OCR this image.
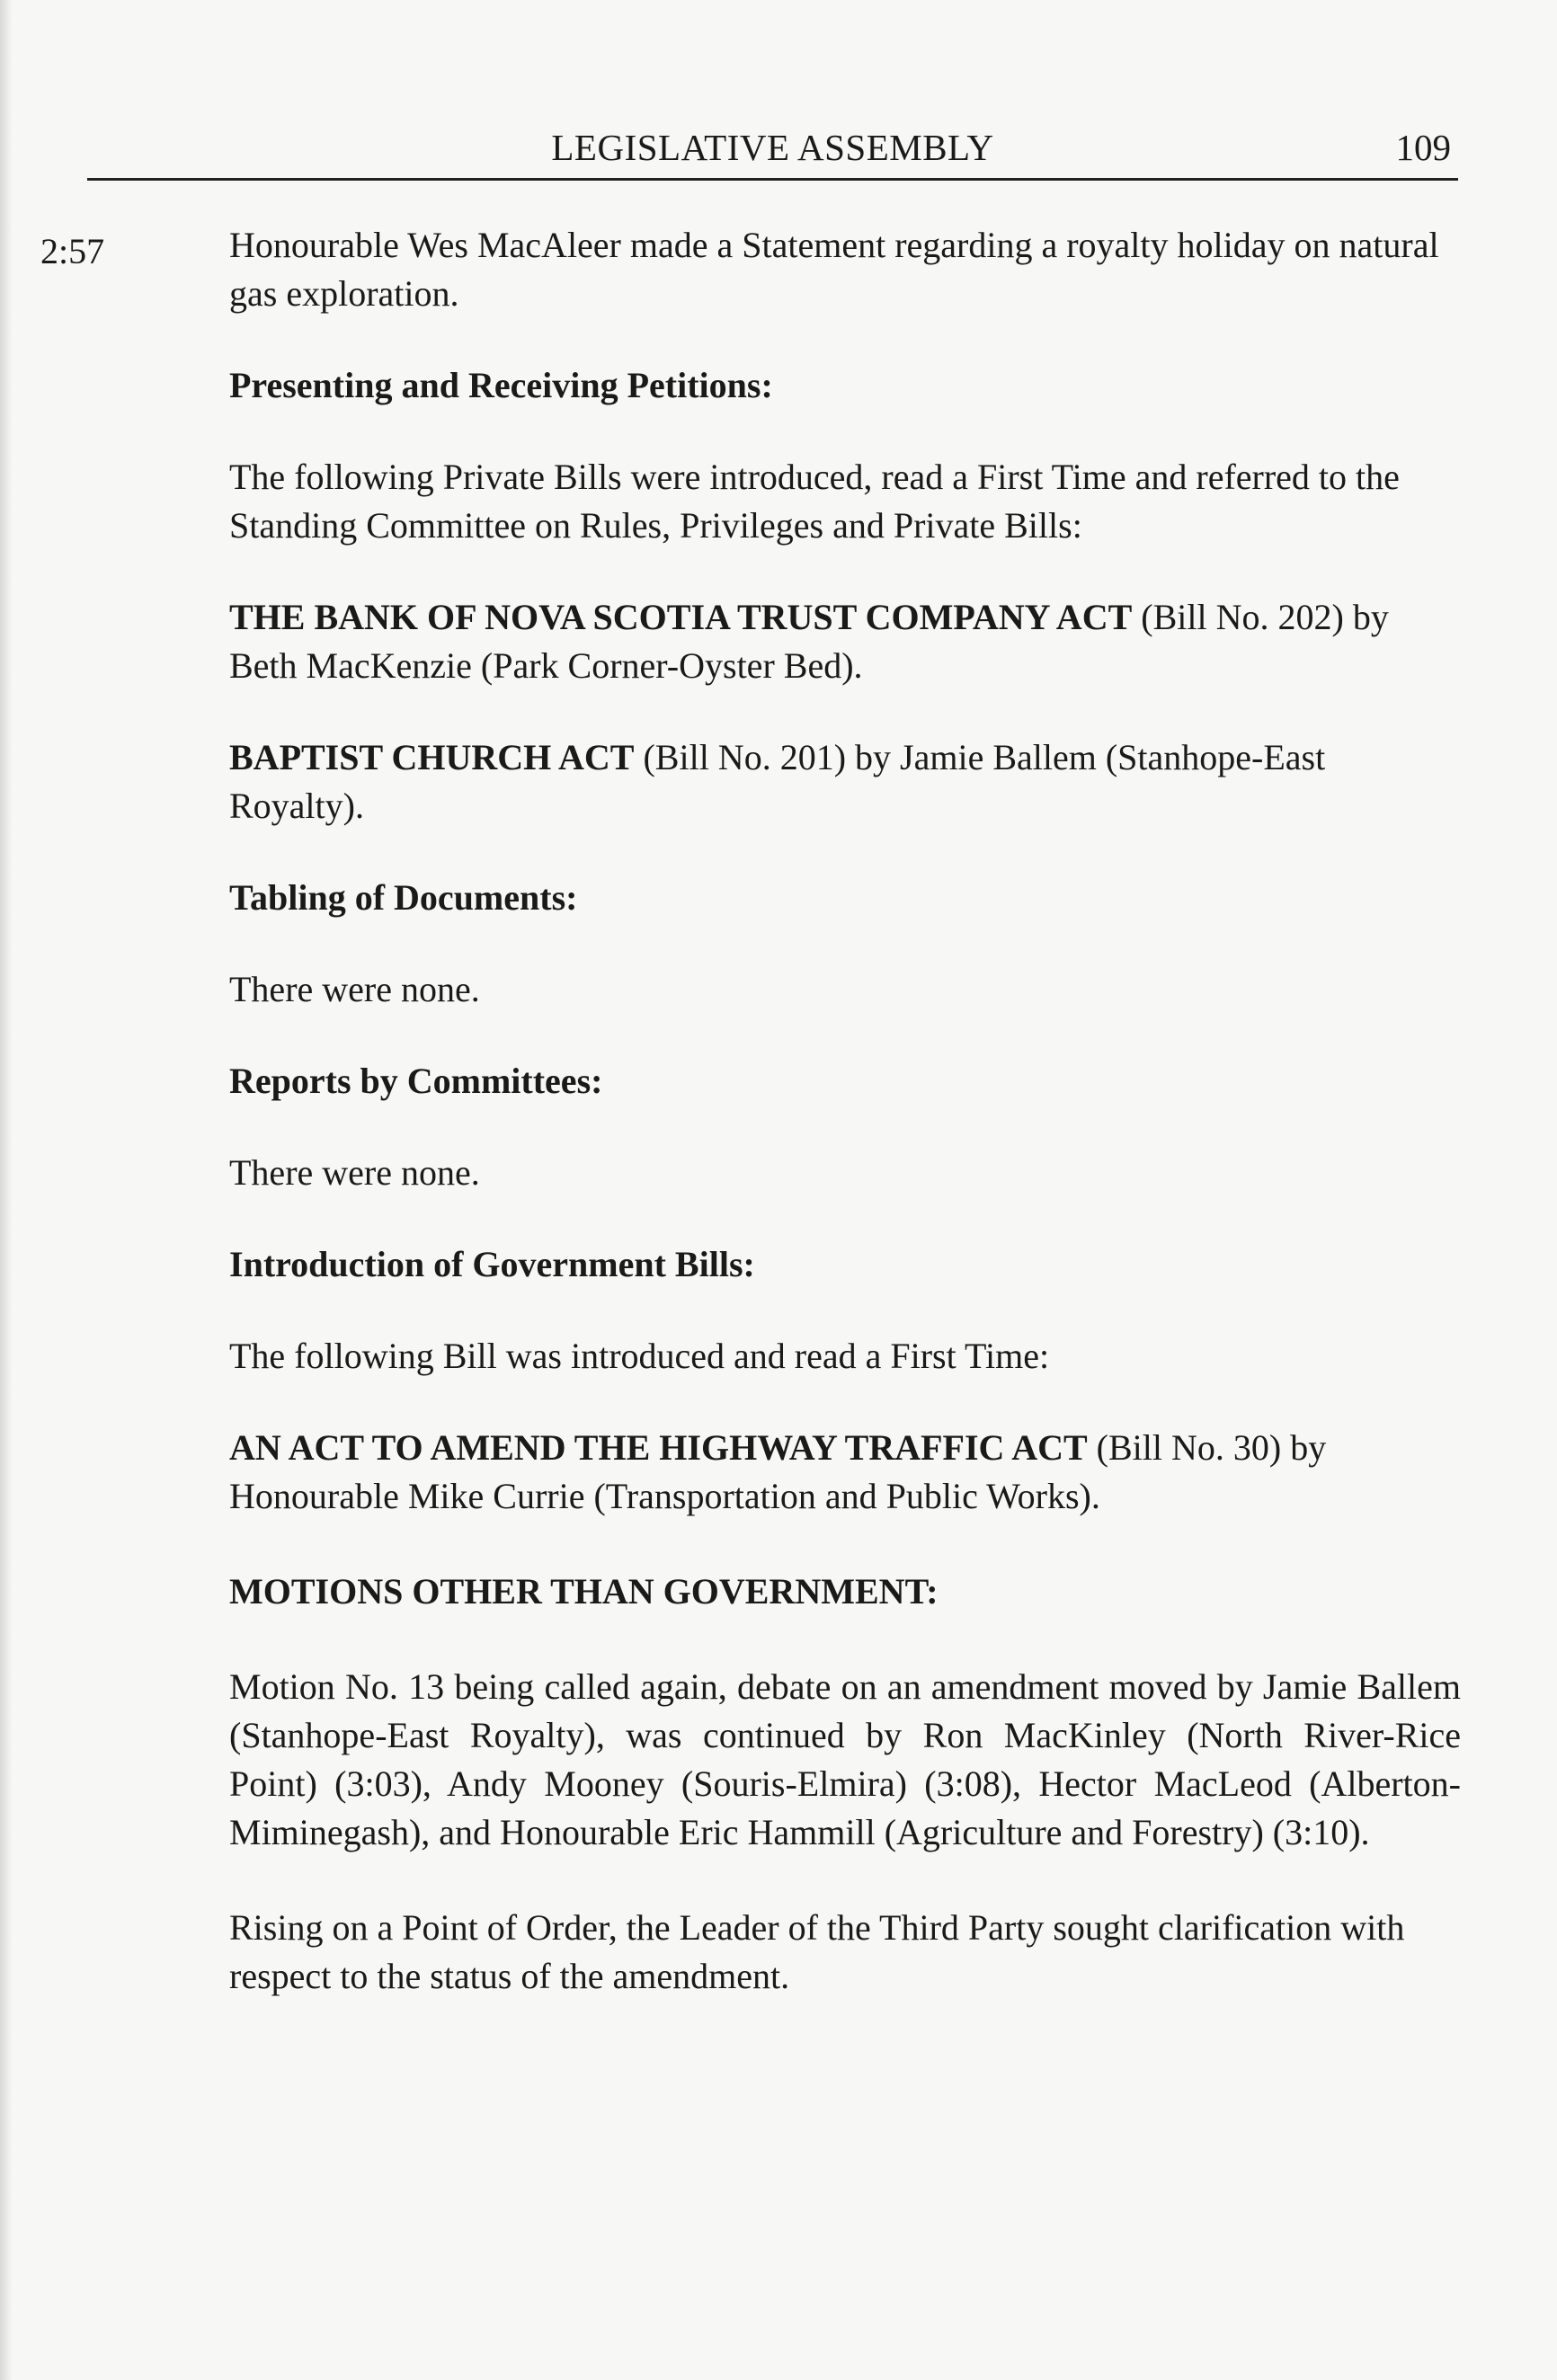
LEGISLATIVE ASSEMBLY	109
2:57	Honourable Wes MacAleer made a Statement regarding a royalty holiday on natural gas exploration.

Presenting and Receiving Petitions:

The following Private Bills were introduced, read a First Time and referred to the Standing Committee on Rules, Privileges and Private Bills:

THE BANK OF NOVA SCOTIA TRUST COMPANY ACT (Bill No. 202) by Beth MacKenzie (Park Corner-Oyster Bed).

BAPTIST CHURCH ACT (Bill No. 201) by Jamie Ballem (Stanhope-East Royalty).

Tabling of Documents:

There were none.

Reports by Committees:

There were none.

Introduction of Government Bills:

The following Bill was introduced and read a First Time:

AN ACT TO AMEND THE HIGHWAY TRAFFIC ACT (Bill No. 30) by Honourable Mike Currie (Transportation and Public Works).

MOTIONS OTHER THAN GOVERNMENT:

Motion No. 13 being called again, debate on an amendment moved by Jamie Ballem (Stanhope-East Royalty), was continued by Ron MacKinley (North River-Rice Point) (3:03), Andy Mooney (Souris-Elmira) (3:08), Hector MacLeod (Alberton-Miminegash), and Honourable Eric Hammill (Agriculture and Forestry) (3:10).

Rising on a Point of Order, the Leader of the Third Party sought clarification with respect to the status of the amendment.
